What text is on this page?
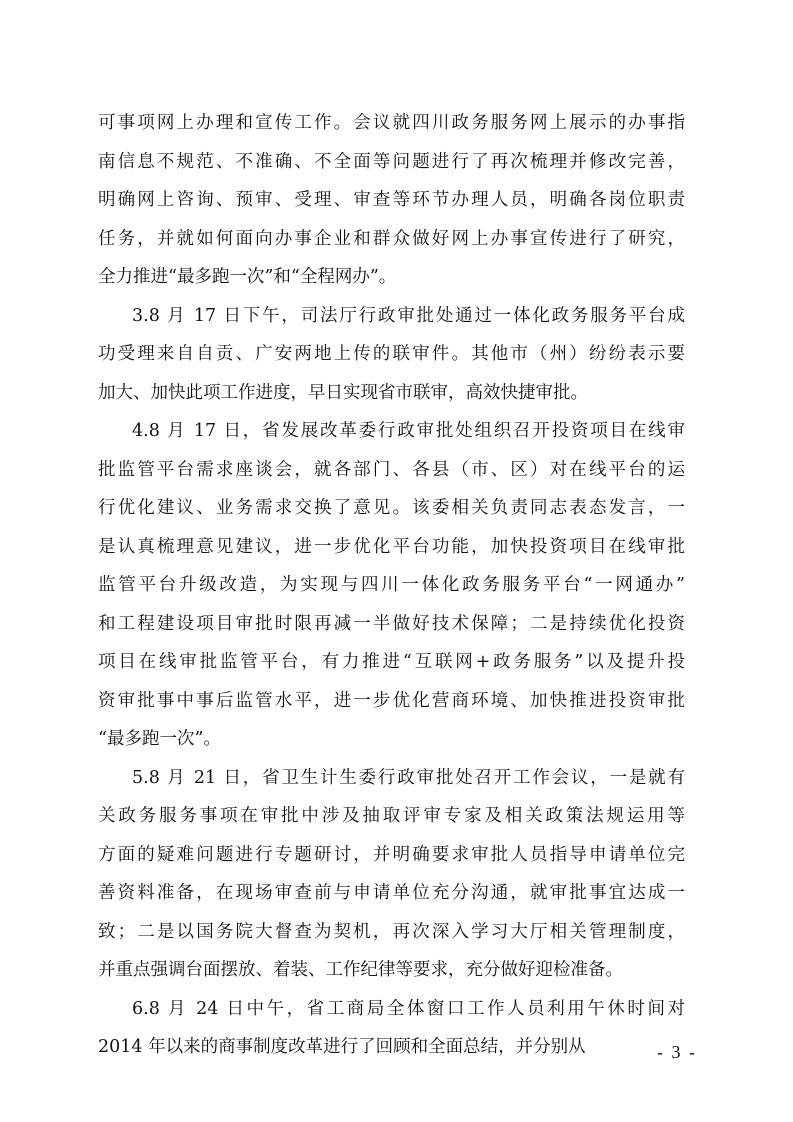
可事项网上办理和宣传工作。会议就四川政务服务网上展示的办事指
南信息不规范、不准确、不全面等问题进行了再次梳理并修改完善，
明确网上咨询、预审、受理、审查等环节办理人员，明确各岗位职责
任务，并就如何面向办事企业和群众做好网上办事宣传进行了研究，
全力推进“最多跑一次”和“全程网办”。
3.8 月 17 日下午，司法厅行政审批处通过一体化政务服务平台成
功受理来自自贡、广安两地上传的联审件。其他市（州）纷纷表示要
加大、加快此项工作进度，早日实现省市联审，高效快捷审批。
4.8 月 17 日，省发展改革委行政审批处组织召开投资项目在线审
批监管平台需求座谈会，就各部门、各县（市、区）对在线平台的运
行优化建议、业务需求交换了意见。该委相关负责同志表态发言，一
是认真梳理意见建议，进一步优化平台功能，加快投资项目在线审批
监管平台升级改造，为实现与四川一体化政务服务平台“一网通办”
和工程建设项目审批时限再减一半做好技术保障；二是持续优化投资
项目在线审批监管平台，有力推进“互联网+政务服务”以及提升投
资审批事中事后监管水平，进一步优化营商环境、加快推进投资审批
“最多跑一次”。
5.8 月 21 日，省卫生计生委行政审批处召开工作会议，一是就有
关政务服务事项在审批中涉及抽取评审专家及相关政策法规运用等
方面的疑难问题进行专题研讨，并明确要求审批人员指导申请单位完
善资料准备，在现场审查前与申请单位充分沟通，就审批事宜达成一
致；二是以国务院大督查为契机，再次深入学习大厅相关管理制度，
并重点强调台面摆放、着装、工作纪律等要求，充分做好迎检准备。
6.8 月 24 日中午，省工商局全体窗口工作人员利用午休时间对
2014 年以来的商事制度改革进行了回顾和全面总结，并分别从	- 3 -
